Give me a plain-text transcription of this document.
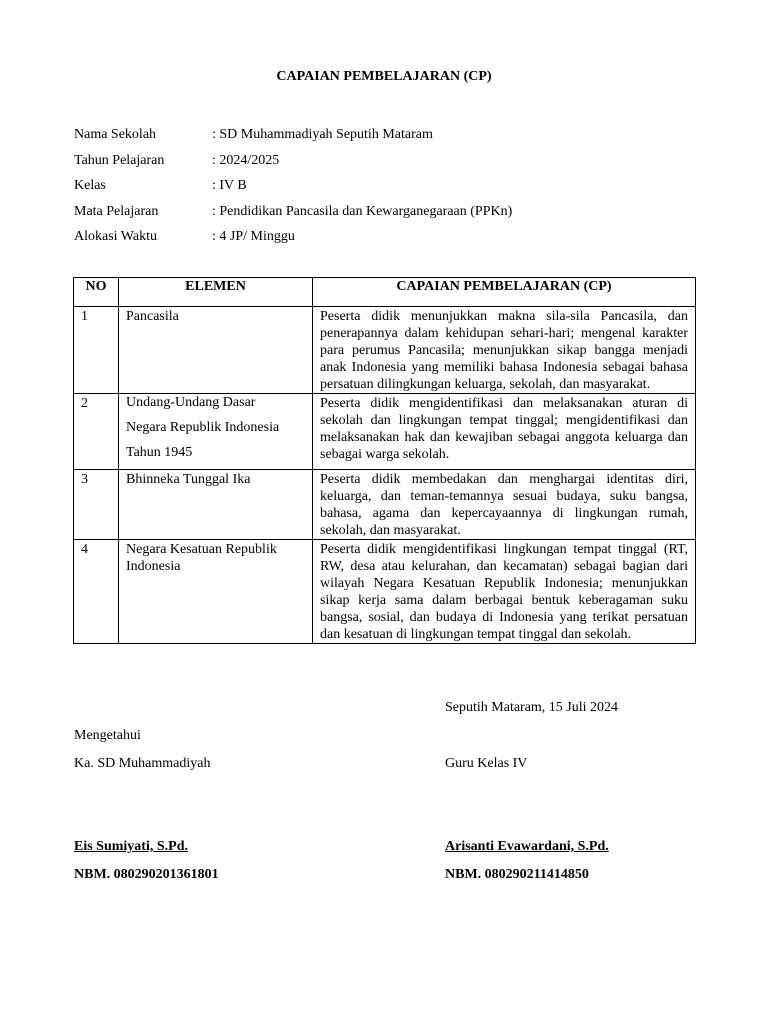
CAPAIAN PEMBELAJARAN (CP)
Nama Sekolah	: SD Muhammadiyah Seputih Mataram
Tahun Pelajaran	: 2024/2025
Kelas	: IV B
Mata Pelajaran	: Pendidikan Pancasila dan Kewarganegaraan (PPKn)
Alokasi Waktu	: 4 JP/ Minggu
NO	ELEMEN	CAPAIAN PEMBELAJARAN (CP)
1	Pancasila	Peserta didik menunjukkan makna sila-sila Pancasila, dan penerapannya dalam kehidupan sehari-hari; mengenal karakter para perumus Pancasila; menunjukkan sikap bangga menjadi anak Indonesia yang memiliki bahasa Indonesia sebagai bahasa persatuan dilingkungan keluarga, sekolah, dan masyarakat.
2	Undang-Undang Dasar
Negara Republik Indonesia
Tahun 1945	Peserta didik mengidentifikasi dan melaksanakan aturan di sekolah dan lingkungan tempat tinggal; mengidentifikasi dan melaksanakan hak dan kewajiban sebagai anggota keluarga dan sebagai warga sekolah.
3	Bhinneka Tunggal Ika	Peserta didik membedakan dan menghargai identitas diri, keluarga, dan teman-temannya sesuai budaya, suku bangsa, bahasa, agama dan kepercayaannya di lingkungan rumah, sekolah, dan masyarakat.
4	Negara Kesatuan Republik Indonesia	Peserta didik mengidentifikasi lingkungan tempat tinggal (RT, RW, desa atau kelurahan, dan kecamatan) sebagai bagian dari wilayah Negara Kesatuan Republik Indonesia; menunjukkan sikap kerja sama dalam berbagai bentuk keberagaman suku bangsa, sosial, dan budaya di Indonesia yang terikat persatuan dan kesatuan di lingkungan tempat tinggal dan sekolah.
Seputih Mataram, 15 Juli 2024
Mengetahui
Ka. SD Muhammadiyah	Guru Kelas IV
Eis Sumiyati, S.Pd.	Arisanti Evawardani, S.Pd.
NBM. 080290201361801	NBM. 080290211414850
